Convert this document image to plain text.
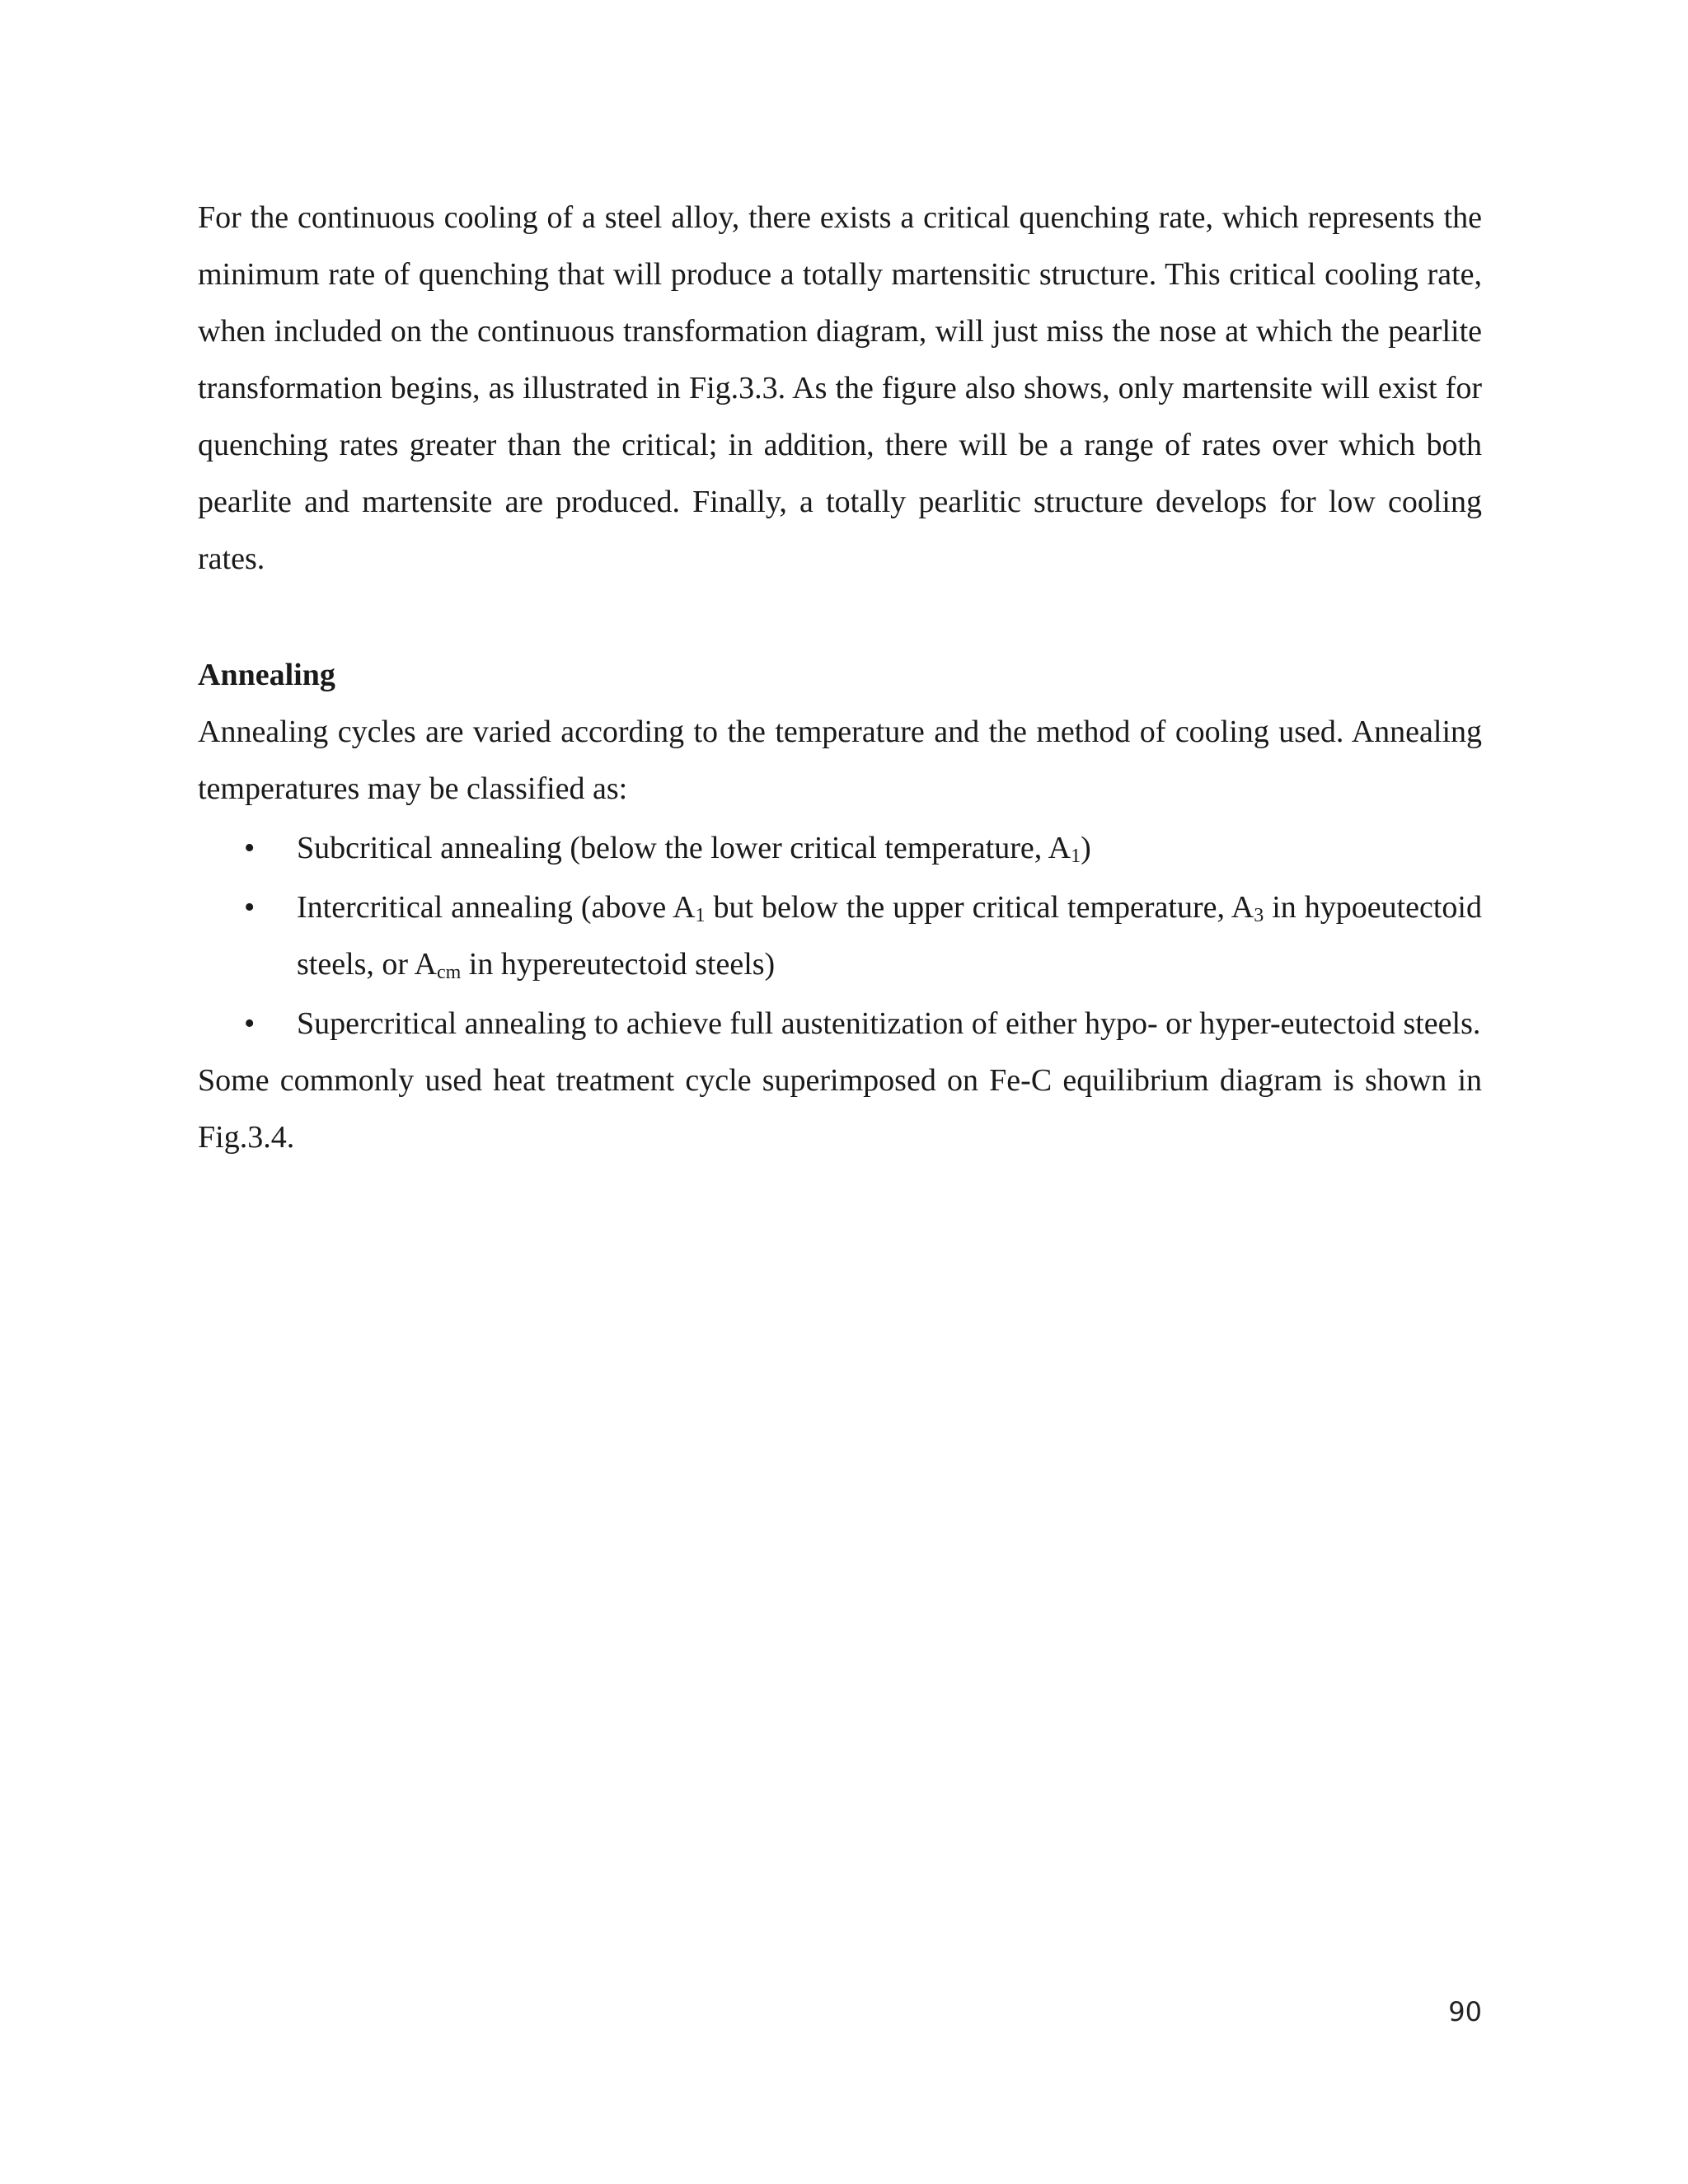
For the continuous cooling of a steel alloy, there exists a critical quenching rate, which represents the minimum rate of quenching that will produce a totally martensitic structure. This critical cooling rate, when included on the continuous transformation diagram, will just miss the nose at which the pearlite transformation begins, as illustrated in Fig.3.3. As the figure also shows, only martensite will exist for quenching rates greater than the critical; in addition, there will be a range of rates over which both pearlite and martensite are produced. Finally, a totally pearlitic structure develops for low cooling rates.

Annealing

Annealing cycles are varied according to the temperature and the method of cooling used. Annealing temperatures may be classified as:

• Subcritical annealing (below the lower critical temperature, $A_1$)
• Intercritical annealing (above $A_1$ but below the upper critical temperature, $A_3$ in hypoeutectoid steels, or $A_{cm}$ in hypereutectoid steels)
• Supercritical annealing to achieve full austenitization of either hypo- or hyper-eutectoid steels.

Some commonly used heat treatment cycle superimposed on Fe-C equilibrium diagram is shown in Fig.3.4.

90
